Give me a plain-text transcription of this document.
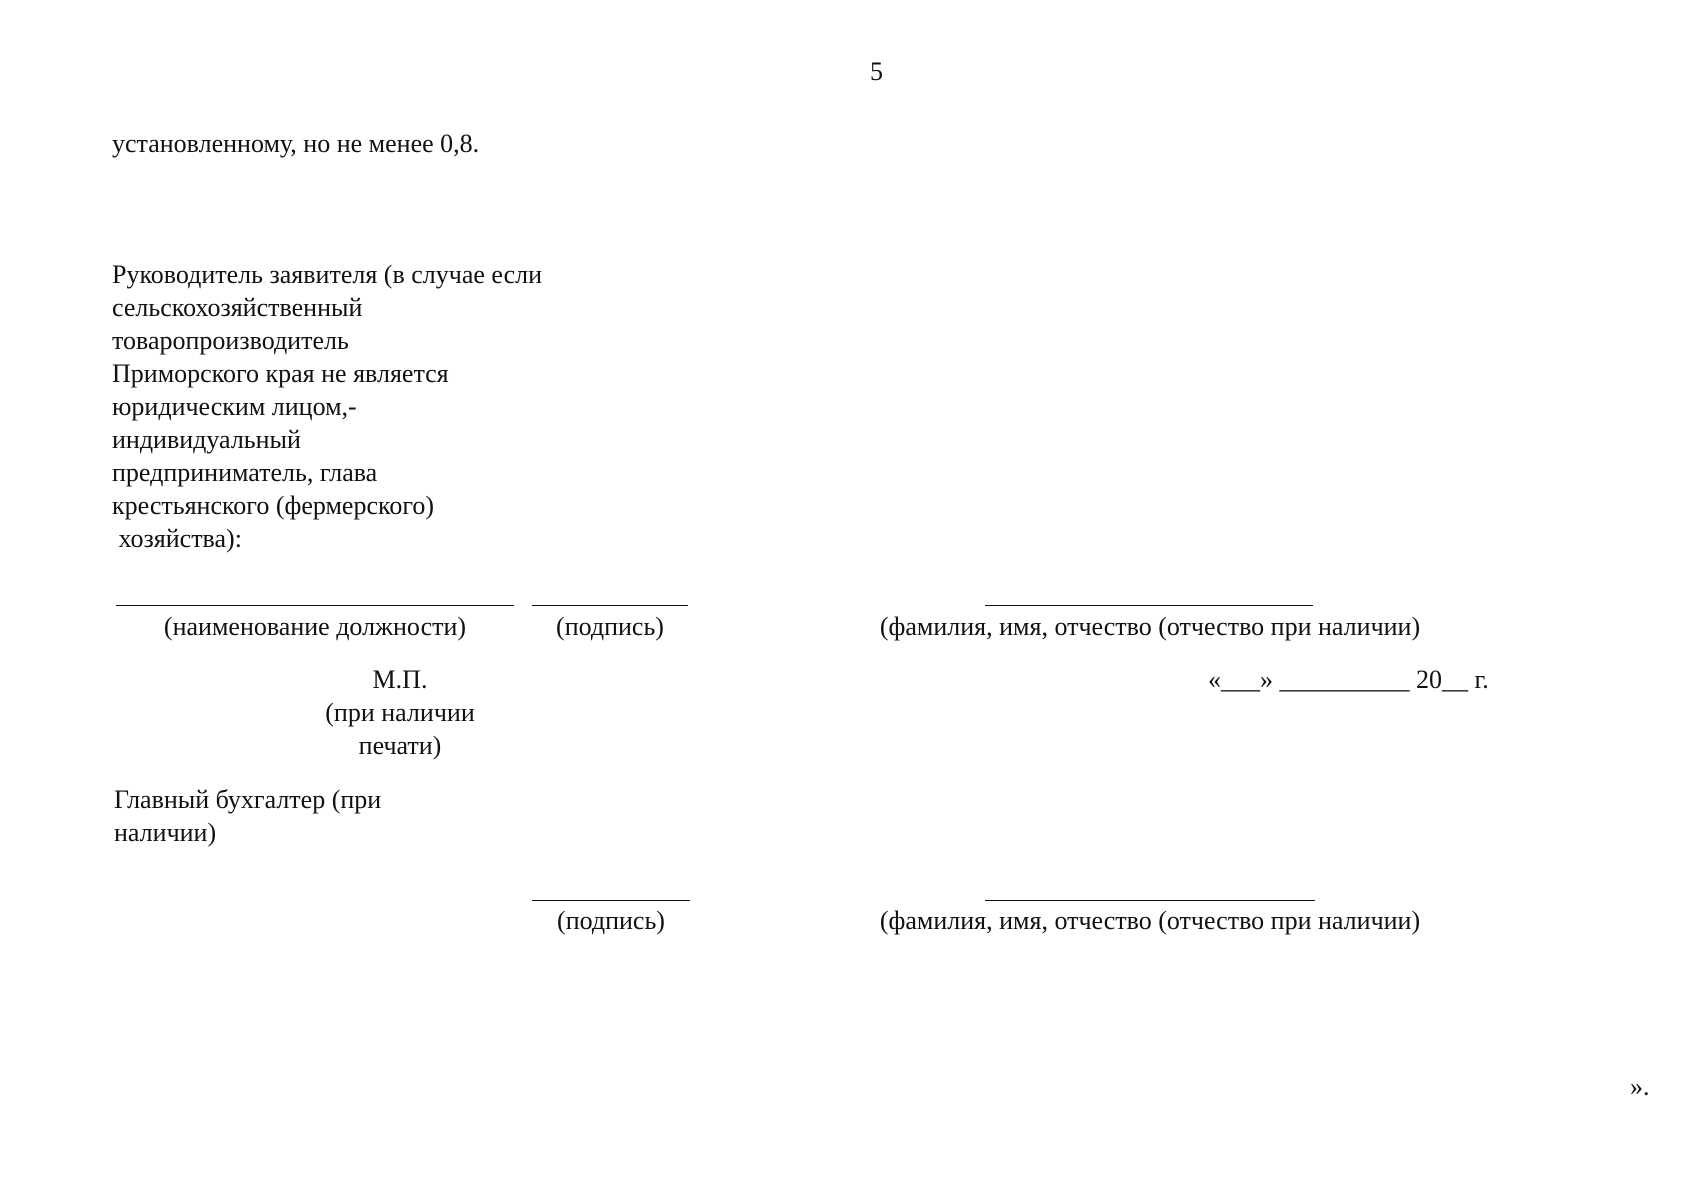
5
установленному, но не менее 0,8.
Руководитель заявителя (в случае если
сельскохозяйственный
товаропроизводитель
Приморского края не является
юридическим лицом,-
индивидуальный
предприниматель, глава
крестьянского (фермерского)
хозяйства):
(наименование должности)	(подпись)	(фамилия, имя, отчество (отчество при наличии)
М.П.
(при наличии
печати)
«___» __________ 20__ г.
Главный бухгалтер (при
наличии)
(подпись)	(фамилия, имя, отчество (отчество при наличии)
».
